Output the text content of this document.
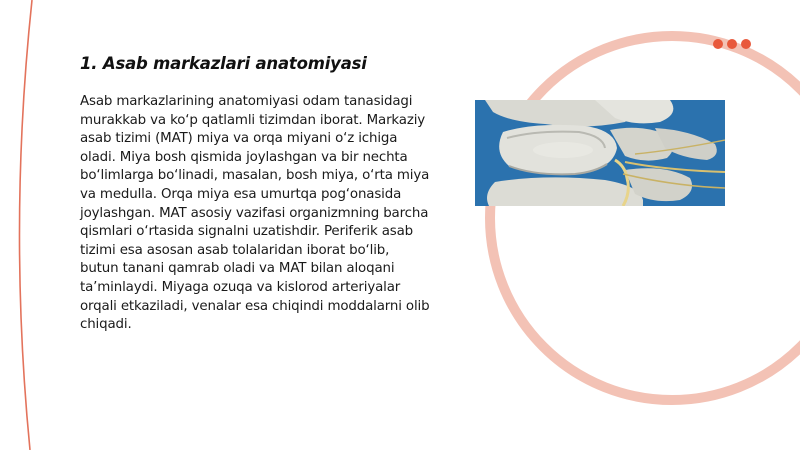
1. Asab markazlari anatomiyasi

Asab markazlarining anatomiyasi odam tanasidagi murakkab va ko‘p qatlamli tizimdan iborat. Markaziy asab tizimi (MAT) miya va orqa miyani o‘z ichiga oladi. Miya bosh qismida joylashgan va bir nechta bo‘limlarga bo‘linadi, masalan, bosh miya, o‘rta miya va medulla. Orqa miya esa umurtqa pog‘onasida joylashgan. MAT asosiy vazifasi organizmning barcha qismlari o‘rtasida signalni uzatishdir. Periferik asab tizimi esa asosan asab tolalaridan iborat bo‘lib, butun tanani qamrab oladi va MAT bilan aloqani ta’minlaydi. Miyaga ozuqa va kislorod arteriyalar orqali etkaziladi, venalar esa chiqindi moddalarni olib chiqadi.
